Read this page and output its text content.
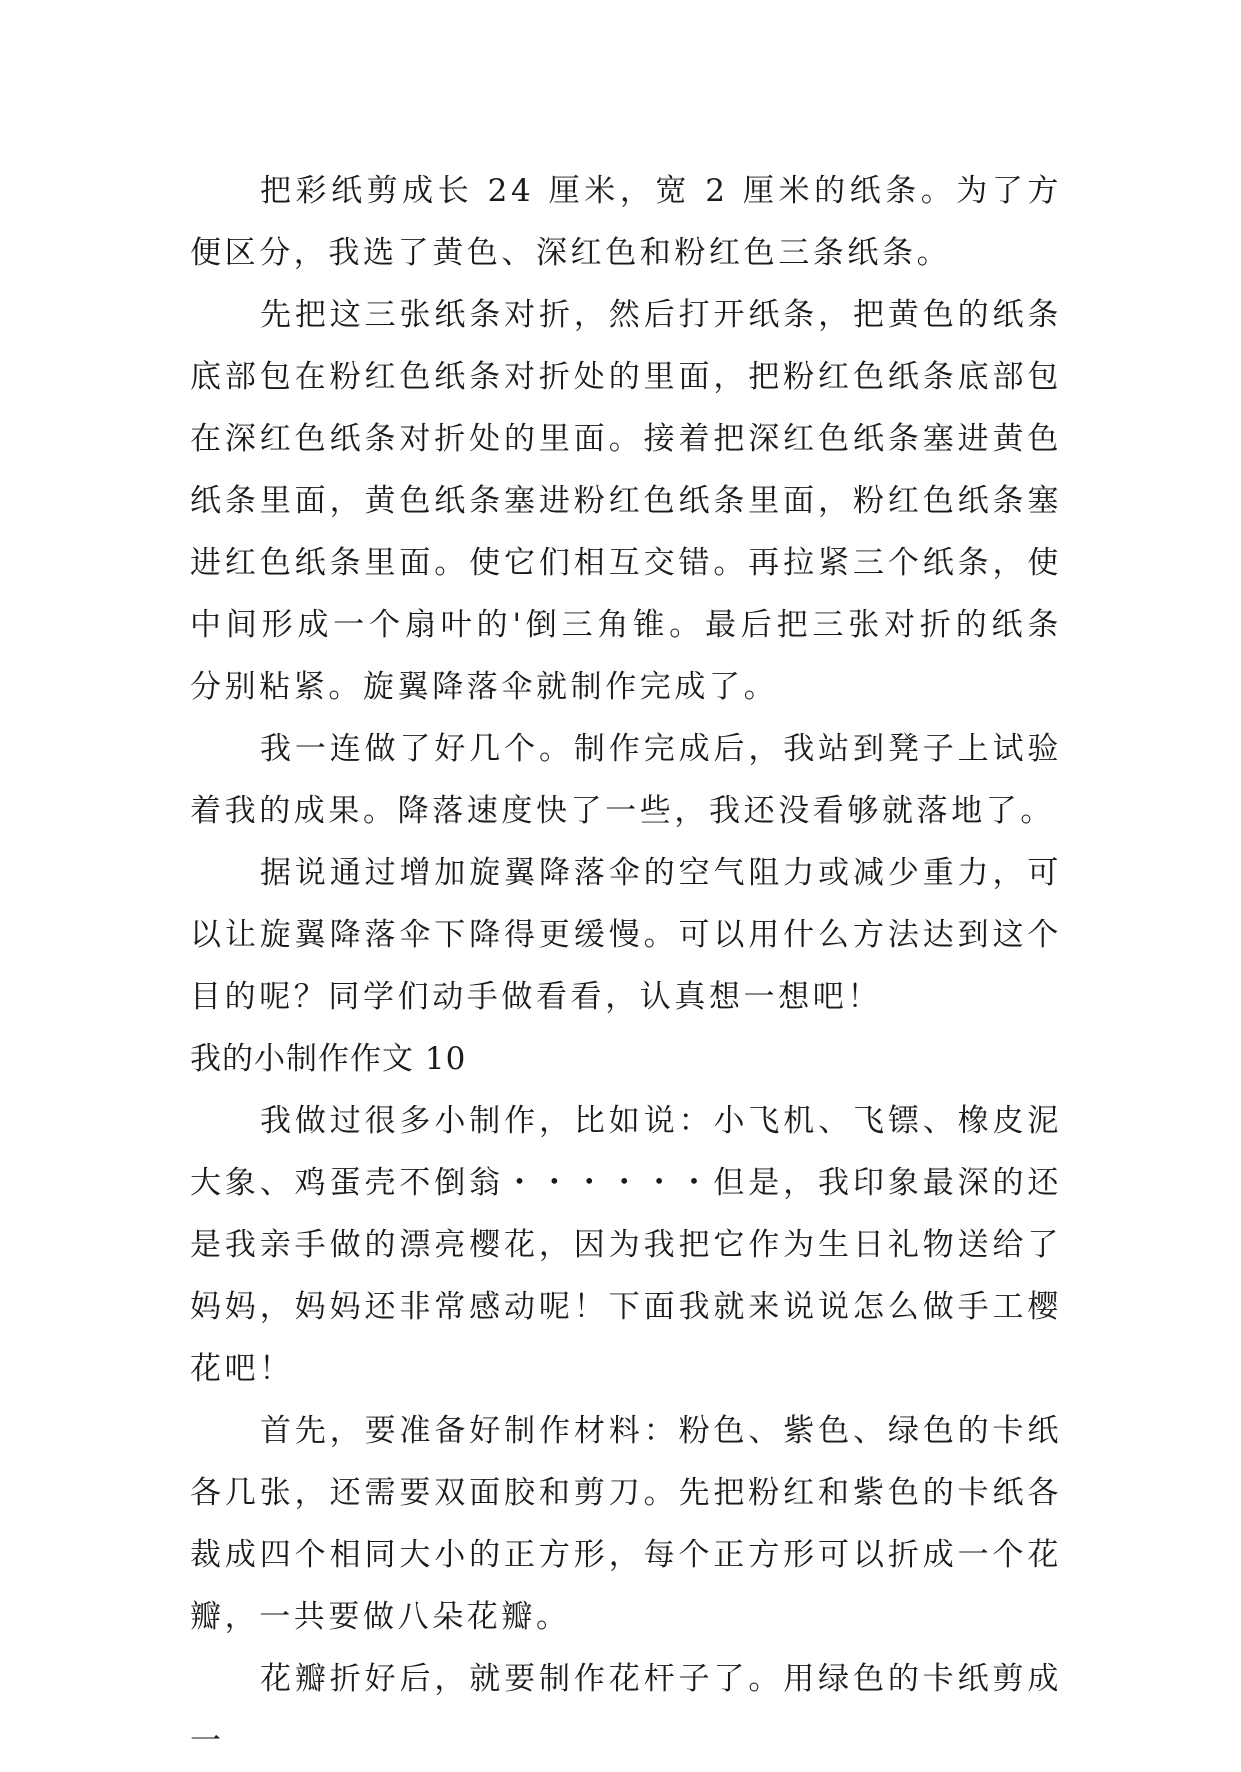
把彩纸剪成长 24 厘米，宽 2 厘米的纸条。为了方便区分，我选了黄色、深红色和粉红色三条纸条。

先把这三张纸条对折，然后打开纸条，把黄色的纸条底部包在粉红色纸条对折处的里面，把粉红色纸条底部包在深红色纸条对折处的里面。接着把深红色纸条塞进黄色纸条里面，黄色纸条塞进粉红色纸条里面，粉红色纸条塞进红色纸条里面。使它们相互交错。再拉紧三个纸条，使中间形成一个扇叶的'倒三角锥。最后把三张对折的纸条分别粘紧。旋翼降落伞就制作完成了。

我一连做了好几个。制作完成后，我站到凳子上试验着我的成果。降落速度快了一些，我还没看够就落地了。

据说通过增加旋翼降落伞的空气阻力或减少重力，可以让旋翼降落伞下降得更缓慢。可以用什么方法达到这个目的呢？同学们动手做看看，认真想一想吧！

我的小制作作文 10

我做过很多小制作，比如说：小飞机、飞镖、橡皮泥大象、鸡蛋壳不倒翁・・・・・・但是，我印象最深的还是我亲手做的漂亮樱花，因为我把它作为生日礼物送给了妈妈，妈妈还非常感动呢！下面我就来说说怎么做手工樱花吧！

首先，要准备好制作材料：粉色、紫色、绿色的卡纸各几张，还需要双面胶和剪刀。先把粉红和紫色的卡纸各裁成四个相同大小的正方形，每个正方形可以折成一个花瓣，一共要做八朵花瓣。

花瓣折好后，就要制作花杆子了。用绿色的卡纸剪成一
